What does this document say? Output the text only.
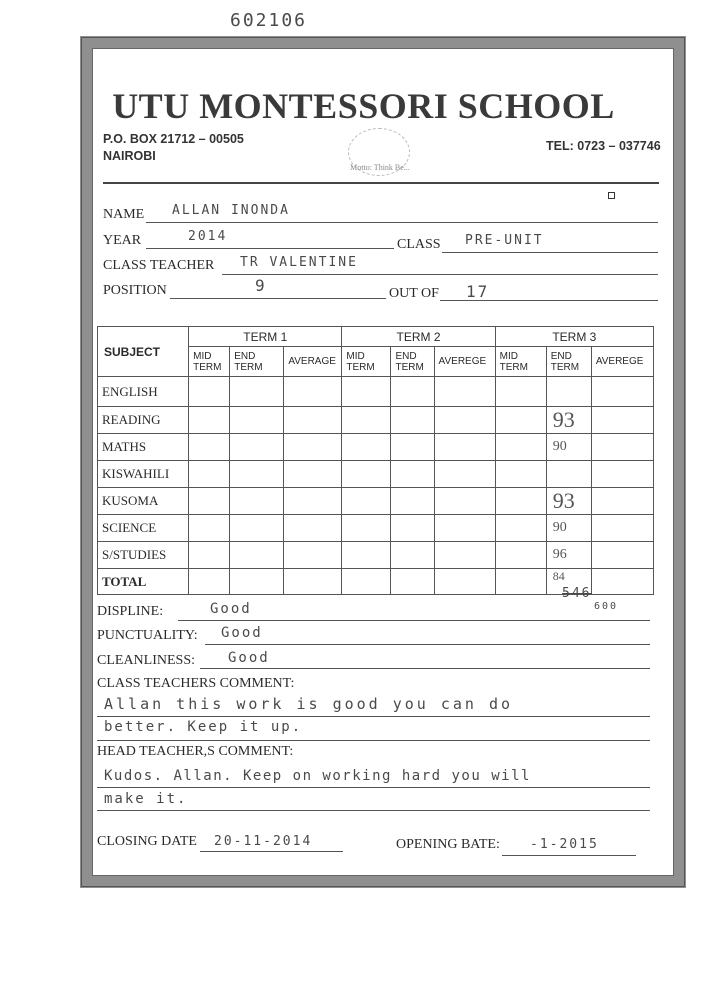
602106
UTU MONTESSORI SCHOOL
P.O. BOX 21712 – 00505
NAIROBI
TEL: 0723 – 037746
Motto: Think Be...
NAME ALLAN INONDA
YEAR	2014
CLASS PRE-UNIT
CLASS TEACHER TR VALENTINE
POSITION	9	OUT OF 17
SUBJECT	TERM 1			TERM 2			TERM 3		
	MID TERM	END TERM	AVERAGE	MID TERM	END TERM	AVEREGE	MID TERM	END TERM	AVEREGE
ENGLISH									
READING								93	
MATHS								90	
KISWAHILI									
KUSOMA								93	
SCIENCE								90	
S/STUDIES								96	
TOTAL								84	
546
600
DISPLINE:	Good
PUNCTUALITY: Good
CLEANLINESS: Good
CLASS TEACHERS COMMENT:
Allan this work is good you can do
better. Keep it up.
HEAD TEACHER,S COMMENT:
Kudos. Allan. Keep on working hard you will
make it.
CLOSING DATE 20-11-2014	OPENING BATE: -1-2015
